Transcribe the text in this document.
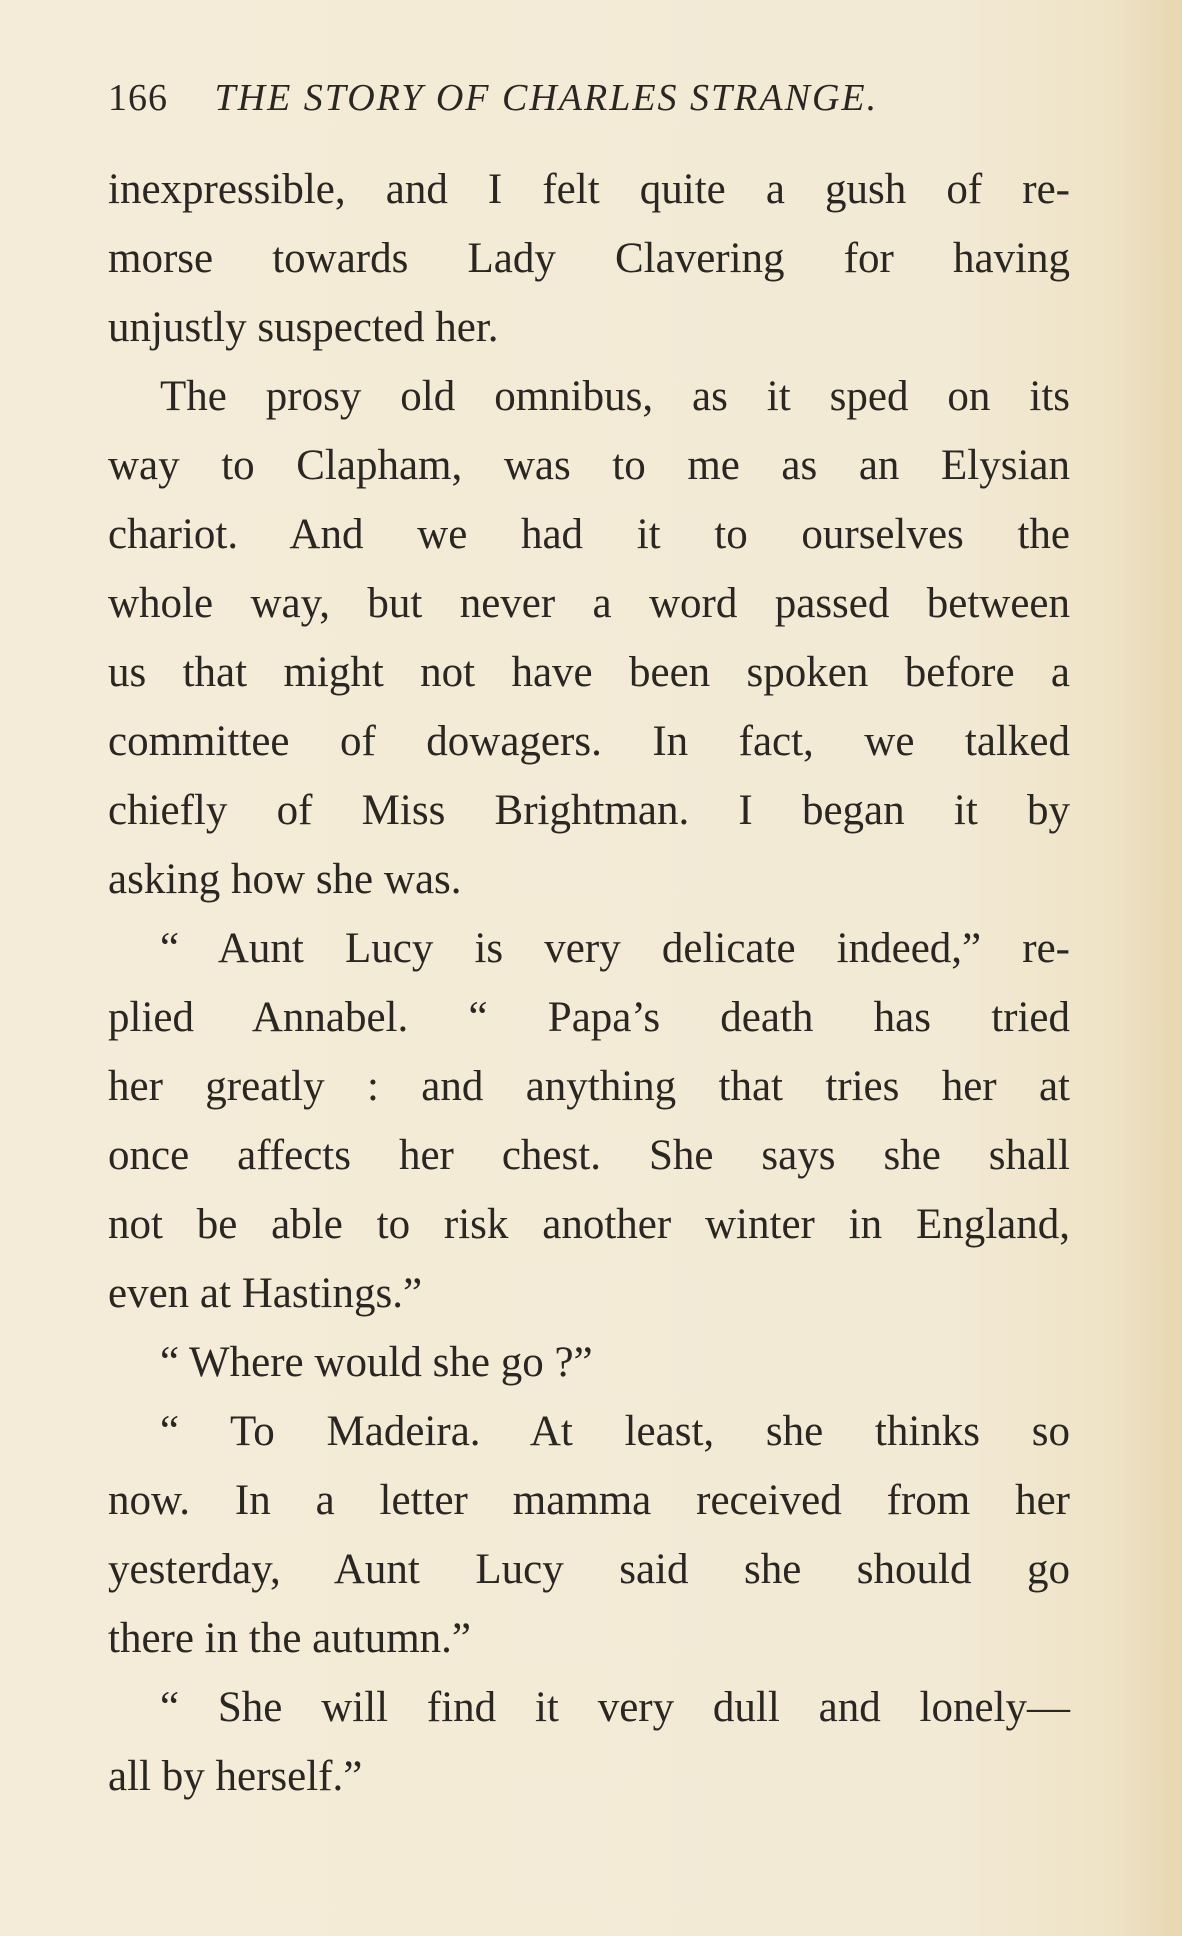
166 THE STORY OF CHARLES STRANGE.
inexpressible, and I felt quite a gush of re-
morse towards Lady Clavering for having
unjustly suspected her.
The prosy old omnibus, as it sped on its
way to Clapham, was to me as an Elysian
chariot. And we had it to ourselves the
whole way, but never a word passed between
us that might not have been spoken before a
committee of dowagers. In fact, we talked
chiefly of Miss Brightman. I began it by
asking how she was.
“ Aunt Lucy is very delicate indeed,” re-
plied Annabel. “ Papa’s death has tried
her greatly : and anything that tries her at
once affects her chest. She says she shall
not be able to risk another winter in England,
even at Hastings.”
“ Where would she go ?”
“ To Madeira. At least, she thinks so
now. In a letter mamma received from her
yesterday, Aunt Lucy said she should go
there in the autumn.”
“ She will find it very dull and lonely—
all by herself.”
